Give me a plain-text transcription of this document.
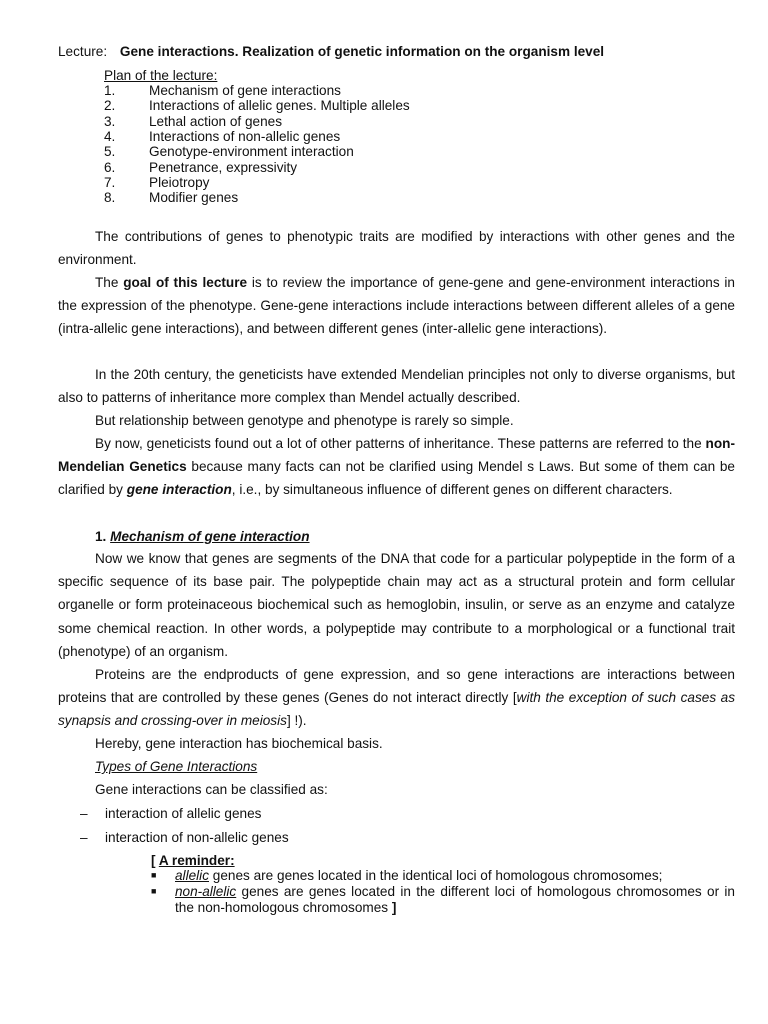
Lecture: Gene interactions. Realization of genetic information on the organism level
Plan of the lecture:
1. Mechanism of gene interactions
2. Interactions of allelic genes. Multiple alleles
3. Lethal action of genes
4. Interactions of non-allelic genes
5. Genotype-environment interaction
6. Penetrance, expressivity
7. Pleiotropy
8. Modifier genes

The contributions of genes to phenotypic traits are modified by interactions with other genes and the environment.

The goal of this lecture is to review the importance of gene-gene and gene-environment interactions in the expression of the phenotype. Gene-gene interactions include interactions between different alleles of a gene (intra-allelic gene interactions), and between different genes (inter-allelic gene interactions).

In the 20th century, the geneticists have extended Mendelian principles not only to diverse organisms, but also to patterns of inheritance more complex than Mendel actually described.

But relationship between genotype and phenotype is rarely so simple.

By now, geneticists found out a lot of other patterns of inheritance. These patterns are referred to the non-Mendelian Genetics because many facts can not be clarified using Mendel s Laws. But some of them can be clarified by gene interaction, i.e., by simultaneous influence of different genes on different characters.

1. Mechanism of gene interaction

Now we know that genes are segments of the DNA that code for a particular polypeptide in the form of a specific sequence of its base pair. The polypeptide chain may act as a structural protein and form cellular organelle or form proteinaceous biochemical such as hemoglobin, insulin, or serve as an enzyme and catalyze some chemical reaction. In other words, a polypeptide may contribute to a morphological or a functional trait (phenotype) of an organism.

Proteins are the endproducts of gene expression, and so gene interactions are interactions between proteins that are controlled by these genes (Genes do not interact directly [with the exception of such cases as synapsis and crossing-over in meiosis] !).

Hereby, gene interaction has biochemical basis.

Types of Gene Interactions

Gene interactions can be classified as:

– interaction of allelic genes
– interaction of non-allelic genes
[ A reminder:
■ allelic genes are genes located in the identical loci of homologous chromosomes;
■ non-allelic genes are genes located in the different loci of homologous chromosomes or in the non-homologous chromosomes ]
